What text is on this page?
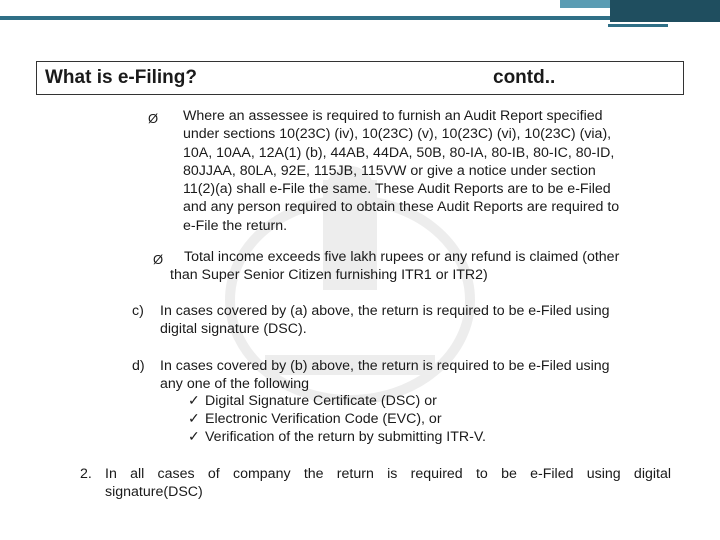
What is e-Filing?	contd..
Ø Where an assessee is required to furnish an Audit Report specified
under sections 10(23C) (iv), 10(23C) (v), 10(23C) (vi), 10(23C) (via),
10A, 10AA, 12A(1) (b), 44AB, 44DA, 50B, 80-IA, 80-IB, 80-IC, 80-ID,
80JJAA, 80LA, 92E, 115JB, 115VW or give a notice under section
11(2)(a) shall e-File the same. These Audit Reports are to be e-Filed
and any person required to obtain these Audit Reports are required to
e-File the return.
Ø	Total income exceeds five lakh rupees or any refund is claimed (other
than Super Senior Citizen furnishing ITR1 or ITR2)
c) In cases covered by (a) above, the return is required to be e-Filed using
digital signature (DSC).
d) In cases covered by (b) above, the return is required to be e-Filed using
any one of the following
✓ Digital Signature Certificate (DSC) or
✓ Electronic Verification Code (EVC), or
✓ Verification of the return by submitting ITR-V.
2. In all cases of company the return is required to be e-Filed using digital
signature(DSC)
